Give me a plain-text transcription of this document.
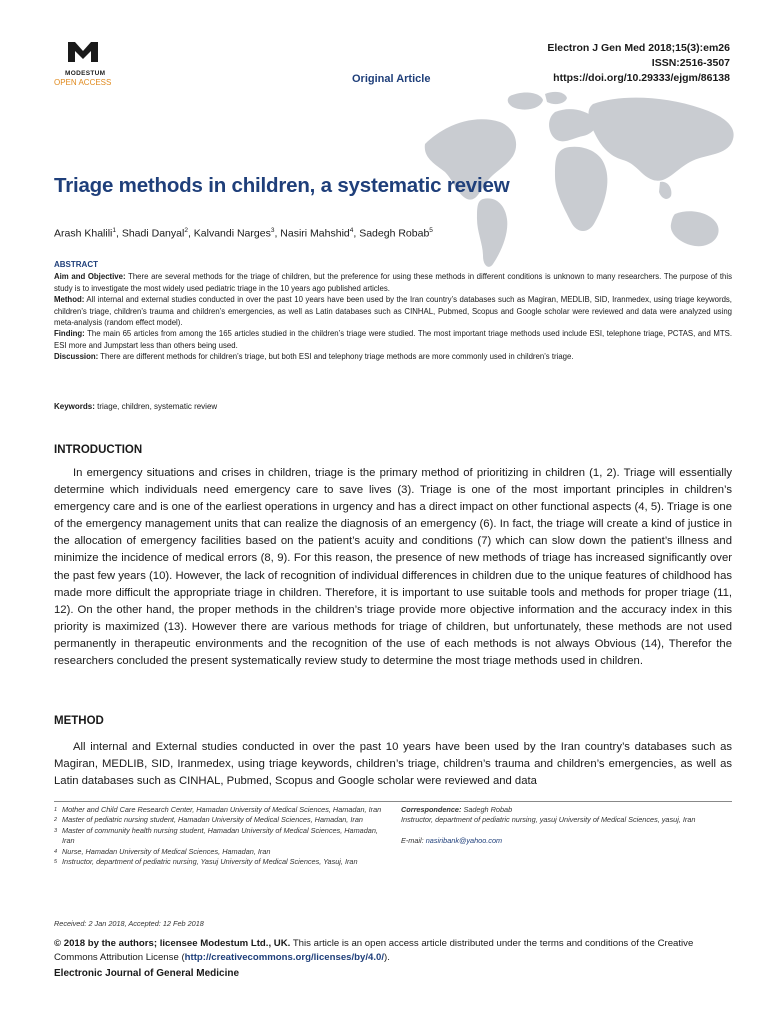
MODESTUM
OPEN ACCESS	Original Article
Electron J Gen Med 2018;15(3):em26
ISSN:2516-3507
https://doi.org/10.29333/ejgm/86138
Triage methods in children, a systematic review
Arash Khalili$^1$, Shadi Danyal$^2$, Kalvandi Narges$^3$, Nasiri Mahshid$^4$, Sadegh Robab$^5$
ABSTRACT

Aim and Objective: There are several methods for the triage of children, but the preference for using these methods in different conditions is unknown to many researchers. The purpose of this study is to investigate the most widely used pediatric triage in the 10 years ago published articles.

Method: All internal and external studies conducted in over the past 10 years have been used by the Iran country’s databases such as Magiran, MEDLIB, SID, Iranmedex, using triage keywords, children’s triage, children’s trauma and children’s emergencies, as well as Latin databases such as CINHAL, Pubmed, Scopus and Google scholar were reviewed and data were analyzed using meta-analysis (random effect model).

Finding: The main 65 articles from among the 165 articles studied in the children’s triage were studied. The most important triage methods used include ESI, telephone triage, PCTAS, and MTS. ESI more and Jumpstart less than others being used.

Discussion: There are different methods for children’s triage, but both ESI and telephony triage methods are more commonly used in children’s triage.

Keywords: triage, children, systematic review
INTRODUCTION

In emergency situations and crises in children, triage is the primary method of prioritizing in children (1, 2). Triage will essentially determine which individuals need emergency care to save lives (3). Triage is one of the most important principles in children’s emergency care and is one of the earliest operations in urgency and has a direct impact on other functional aspects (4, 5). Triage is one of the emergency management units that can realize the diagnosis of an emergency (6). In fact, the triage will create a kind of justice in the allocation of emergency facilities based on the patient’s acuity and conditions (7) which can slow down the patient’s illness and minimize the incidence of medical errors (8, 9). For this reason, the presence of new methods of triage has increased significantly over the past few years (10). However, the lack of recognition of individual differences in children due to the unique features of childhood has made more difficult the appropriate triage in children. Therefore, it is important to use suitable tools and methods for proper triage (11, 12). On the other hand, the proper methods in the children’s triage provide more objective information and the accuracy index in this priority is maximized (13). However there are various methods for triage of children, but unfortunately, these methods are not used permanently in therapeutic environments and the recognition of the use of each methods is not always Obvious (14), Therefor the researchers concluded the present systematically review study to determine the most triage methods used in children.

METHOD

All internal and External studies conducted in over the past 10 years have been used by the Iran country’s databases such as Magiran, MEDLIB, SID, Iranmedex, using triage keywords, children’s triage, children’s trauma and children’s emergencies, as well as Latin databases such as CINHAL, Pubmed, Scopus and Google scholar were reviewed and data

1 Mother and Child Care Research Center, Hamadan University of Medical Sciences, Hamadan, Iran
2 Master of pediatric nursing student, Hamadan University of Medical Sciences, Hamadan, Iran
3 Master of community health nursing student, Hamadan University of Medical Sciences, Hamadan, Iran
4 Nurse, Hamadan University of Medical Sciences, Hamadan, Iran
5 Instructor, department of pediatric nursing, Yasuj University of Medical Sciences, Yasuj, Iran
Correspondence: Sadegh Robab
Instructor, department of pediatric nursing, yasuj University of Medical Sciences, yasuj, Iran
E-mail: nasiribank@yahoo.com
Received: 2 Jan 2018, Accepted: 12 Feb 2018
© 2018 by the authors; licensee Modestum Ltd., UK. This article is an open access article distributed under the terms and conditions of the Creative Commons Attribution License (http://creativecommons.org/licenses/by/4.0/).
Electronic Journal of General Medicine
